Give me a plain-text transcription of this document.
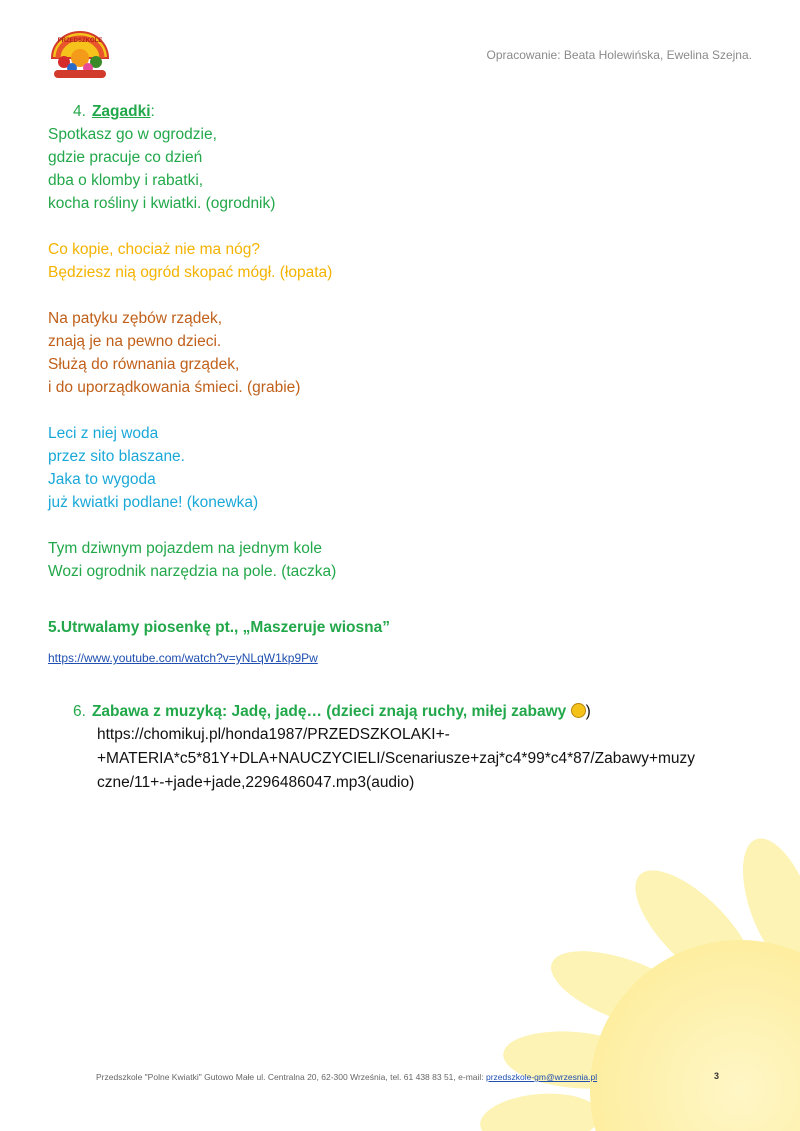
PRZEDSZKOLE
Opracowanie: Beata Holewińska, Ewelina Szejna.
4. Zagadki:
Spotkasz go w ogrodzie,
gdzie pracuje co dzień
dba o klomby i rabatki,
kocha rośliny i kwiatki. (ogrodnik)
Co kopie, chociaż nie ma nóg?
Będziesz nią ogród skopać mógł. (łopata)
Na patyku zębów rządek,
znają je na pewno dzieci.
Służą do równania grządek,
i do uporządkowania śmieci. (grabie)
Leci z niej woda
przez sito blaszane.
Jaka to wygoda
już kwiatki podlane! (konewka)
Tym dziwnym pojazdem na jednym kole
Wozi ogrodnik narzędzia na pole. (taczka)
5.Utrwalamy piosenkę pt., „Maszeruje wiosna”
https://www.youtube.com/watch?v=yNLqW1kp9Pw
6. Zabawa z muzyką: Jadę, jadę… (dzieci znają ruchy, miłej zabawy )
https://chomikuj.pl/honda1987/PRZEDSZKOLAKI+-
+MATERIA*c5*81Y+DLA+NAUCZYCIELI/Scenariusze+zaj*c4*99*c4*87/Zabawy+muzy
czne/11+-+jade+jade,2296486047.mp3(audio)
Przedszkole "Polne Kwiatki" Gutowo Małe ul. Centralna 20, 62-300 Września, tel. 61 438 83 51, e-mail: przedszkole-gm@wrzesnia.pl	3
